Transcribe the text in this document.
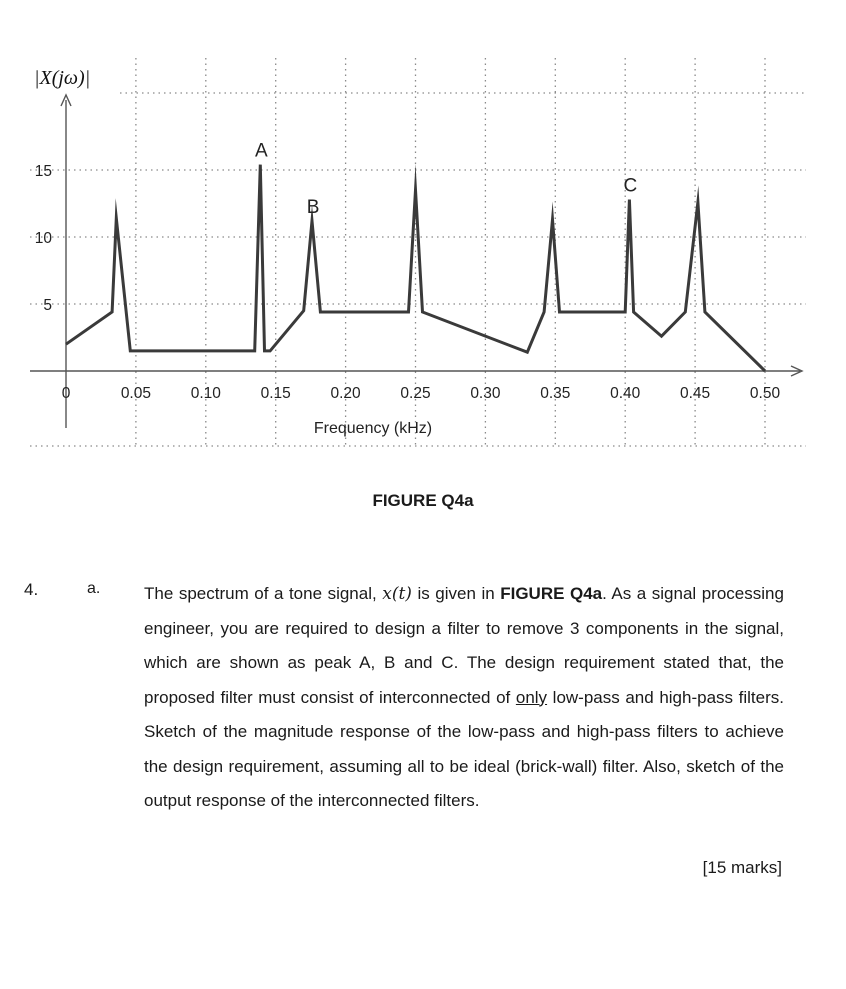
0	0.05	0.10	0.15	0.20	0.25	0.30	0.35	0.40	0.45	0.50
5
10
15
A
B
C
|X(jω)|
Frequency (kHz)
FIGURE Q4a
4.	a.	The spectrum of a tone signal, x(t) is given in FIGURE Q4a. As a signal processing engineer, you are required to design a filter to remove 3 components in the signal, which are shown as peak A, B and C. The design requirement stated that, the proposed filter must consist of interconnected of only low-pass and high-pass filters. Sketch of the magnitude response of the low-pass and high-pass filters to achieve the design requirement, assuming all to be ideal (brick-wall) filter. Also, sketch of the output response of the interconnected filters.
[15 marks]
